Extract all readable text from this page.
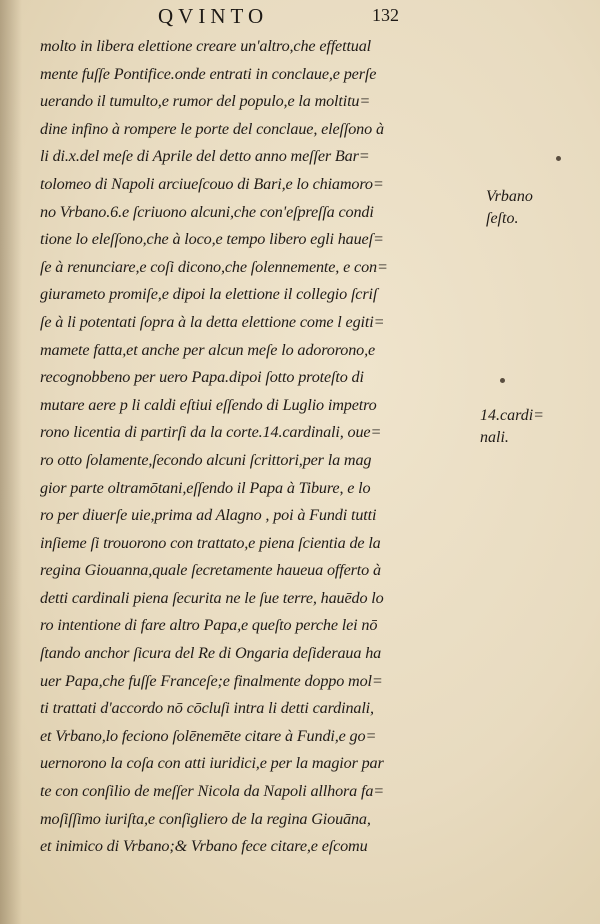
QVINTO	132
molto in libera elettione creare un'altro,che effettual
mente fuſſe Pontifice.onde entrati in conclaue,e perſe
uerando il tumulto,e rumor del populo,e la moltitu=
dine infino à rompere le porte del conclaue, eleſſono à
li di.x.del meſe di Aprile del detto anno meſſer Bar=
tolomeo di Napoli arciueſcouo di Bari,e lo chiamoro=
no Vrbano.6.e ſcriuono alcuni,che con'eſpreſſa condi
tione lo eleſſono,che à loco,e tempo libero egli haueſ=
ſe à renunciare,e coſi dicono,che ſolennemente, e con=
giurameto promiſe,e dipoi la elettione il collegio ſcriſ
ſe à li potentati ſopra à la detta elettione come l egiti=
mamete fatta,et anche per alcun meſe lo adororono,e
recognobbeno per uero Papa.dipoi ſotto proteſto di
mutare aere p li caldi eſtiui eſſendo di Luglio impetro
rono licentia di partirſi da la corte.14.cardinali, oue=
ro otto ſolamente,ſecondo alcuni ſcrittori,per la mag
gior parte oltramōtani,eſſendo il Papa à Tibure, e lo
ro per diuerſe uie,prima ad Alagno , poi à Fundi tutti
inſieme ſi trouorono con trattato,e piena ſcientia de la
regina Giouanna,quale ſecretamente haueua offerto à
detti cardinali piena ſecurita ne le ſue terre, hauēdo lo
ro intentione di fare altro Papa,e queſto perche lei nō
ſtando anchor ſicura del Re di Ongaria deſideraua ha
uer Papa,che fuſſe Franceſe;e finalmente doppo mol=
ti trattati d'accordo nō cōcluſi intra li detti cardinali,
et Vrbano,lo feciono ſolēnemēte citare à Fundi,e go=
uernorono la coſa con atti iuridici,e per la magior par
te con conſilio de meſſer Nicola da Napoli allhora fa=
moſiſſimo iuriſta,e conſigliero de la regina Giouāna,
et inimico di Vrbano;& Vrbano fece citare,e eſcomu
Vrbano
ſeſto.
14.cardi=
nali.
